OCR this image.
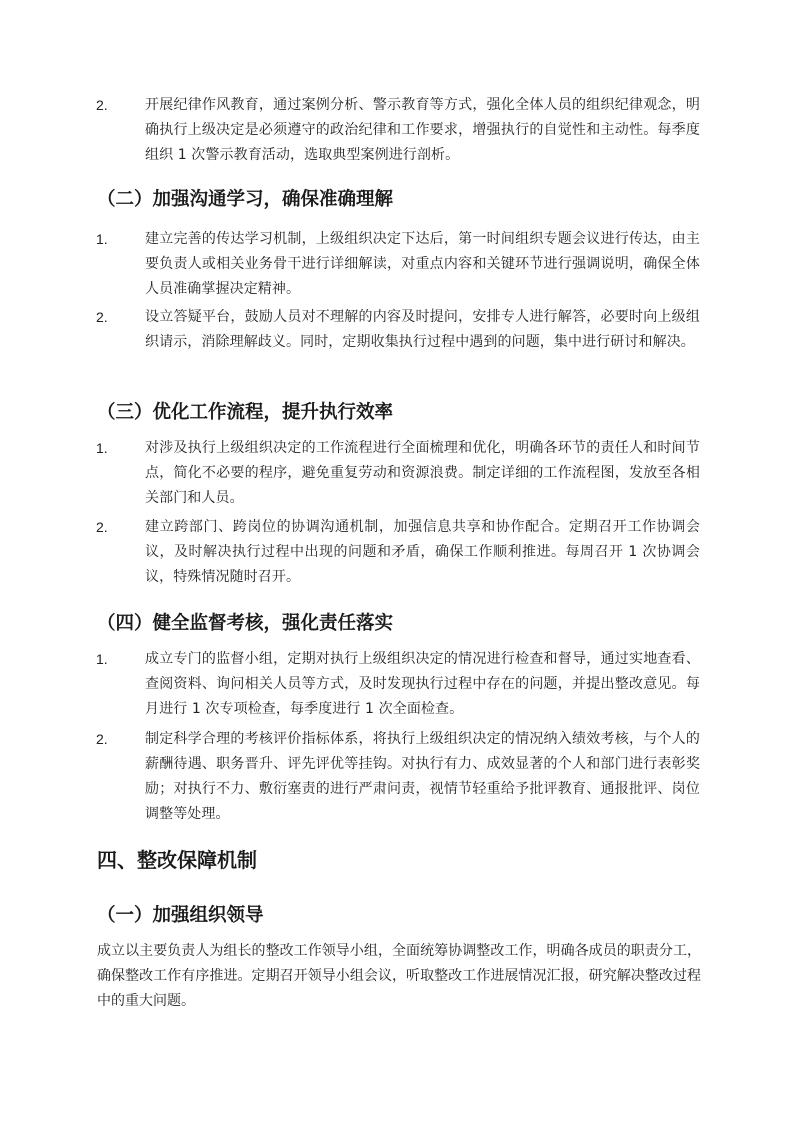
2.	开展纪律作风教育，通过案例分析、警示教育等方式，强化全体人员的组织纪律观念，明确执行上级决定是必须遵守的政治纪律和工作要求，增强执行的自觉性和主动性。每季度组织 1 次警示教育活动，选取典型案例进行剖析。
（二）加强沟通学习，确保准确理解
1.	建立完善的传达学习机制，上级组织决定下达后，第一时间组织专题会议进行传达，由主要负责人或相关业务骨干进行详细解读，对重点内容和关键环节进行强调说明，确保全体人员准确掌握决定精神。
2.	设立答疑平台，鼓励人员对不理解的内容及时提问，安排专人进行解答，必要时向上级组织请示，消除理解歧义。同时，定期收集执行过程中遇到的问题，集中进行研讨和解决。
（三）优化工作流程，提升执行效率
1.	对涉及执行上级组织决定的工作流程进行全面梳理和优化，明确各环节的责任人和时间节点，简化不必要的程序，避免重复劳动和资源浪费。制定详细的工作流程图，发放至各相关部门和人员。
2.	建立跨部门、跨岗位的协调沟通机制，加强信息共享和协作配合。定期召开工作协调会议，及时解决执行过程中出现的问题和矛盾，确保工作顺利推进。每周召开 1 次协调会议，特殊情况随时召开。
（四）健全监督考核，强化责任落实
1.	成立专门的监督小组，定期对执行上级组织决定的情况进行检查和督导，通过实地查看、查阅资料、询问相关人员等方式，及时发现执行过程中存在的问题，并提出整改意见。每月进行 1 次专项检查，每季度进行 1 次全面检查。
2.	制定科学合理的考核评价指标体系，将执行上级组织决定的情况纳入绩效考核，与个人的薪酬待遇、职务晋升、评先评优等挂钩。对执行有力、成效显著的个人和部门进行表彰奖励；对执行不力、敷衍塞责的进行严肃问责，视情节轻重给予批评教育、通报批评、岗位调整等处理。
四、整改保障机制
（一）加强组织领导
成立以主要负责人为组长的整改工作领导小组，全面统筹协调整改工作，明确各成员的职责分工，确保整改工作有序推进。定期召开领导小组会议，听取整改工作进展情况汇报，研究解决整改过程中的重大问题。
